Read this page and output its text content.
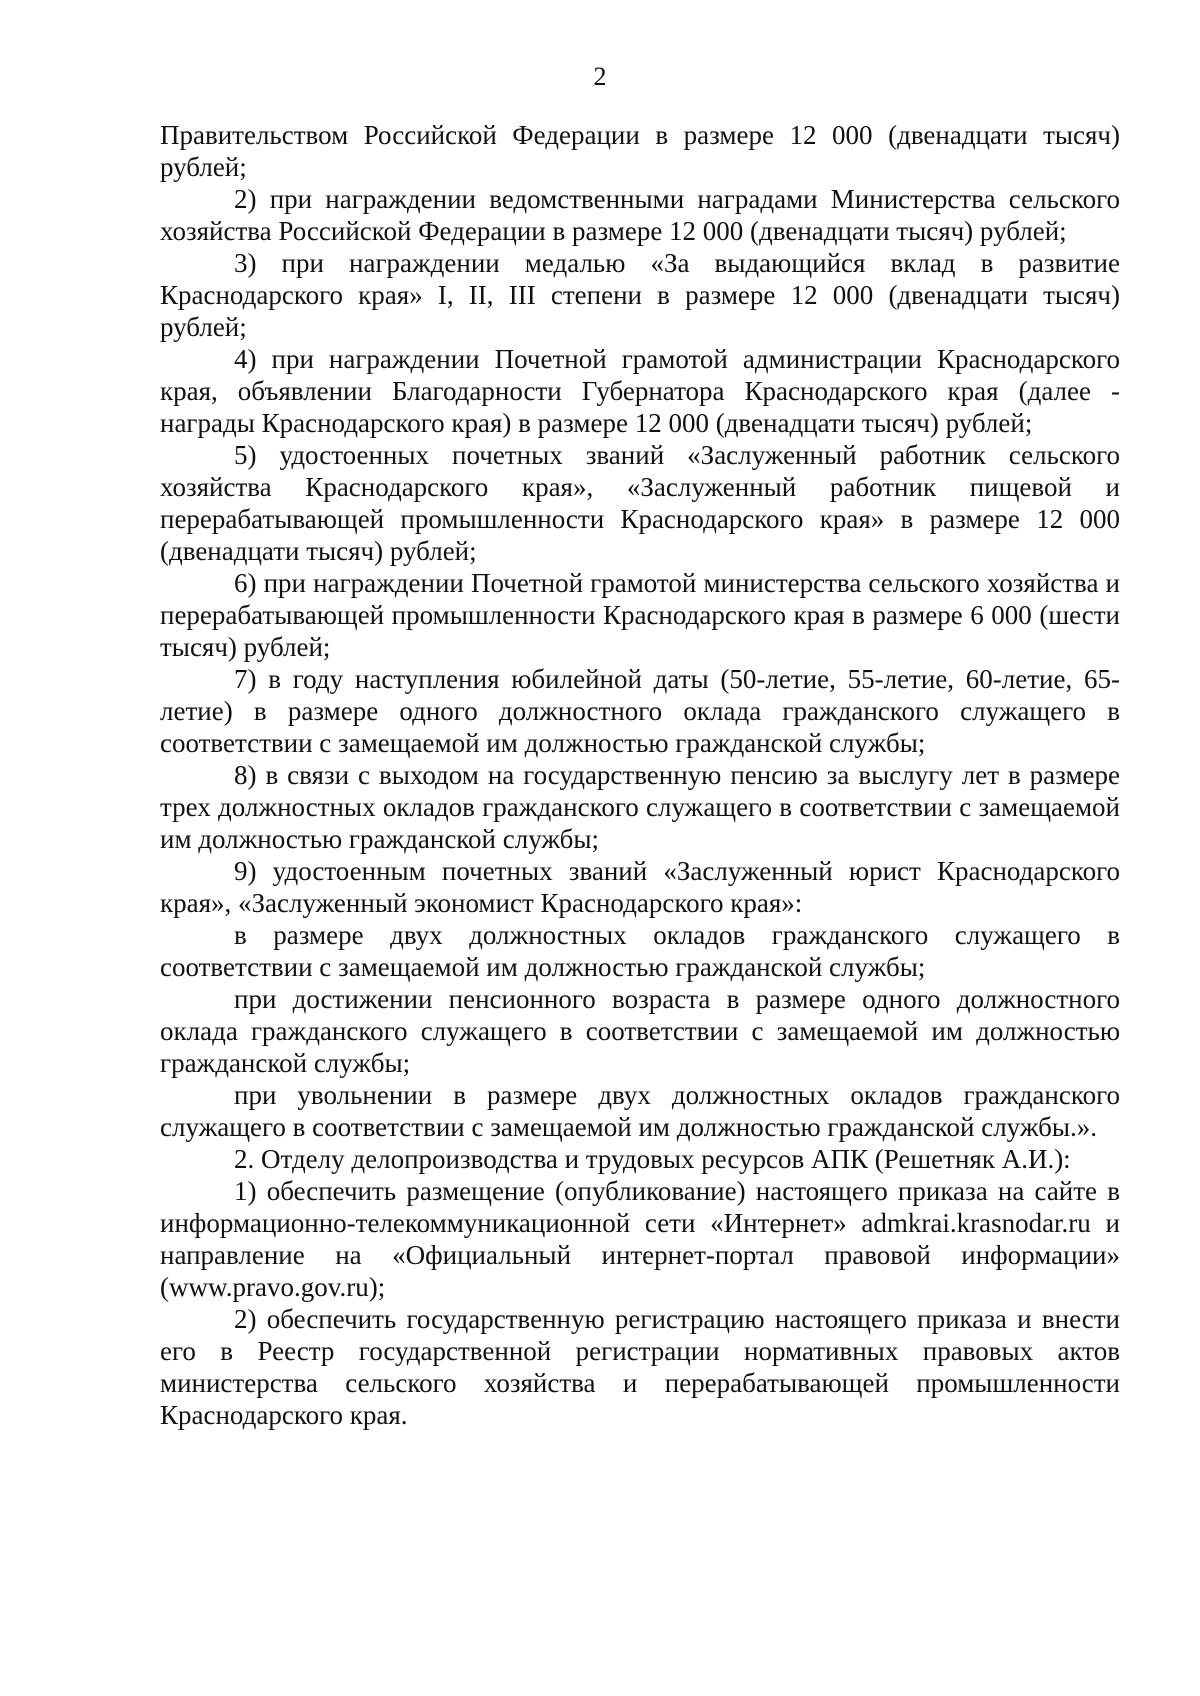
2

Правительством Российской Федерации в размере 12 000 (двенадцати тысяч) рублей;

2) при награждении ведомственными наградами Министерства сельского хозяйства Российской Федерации в размере 12 000 (двенадцати тысяч) рублей;

3) при награждении медалью «За выдающийся вклад в развитие Краснодарского края» I, II, III степени в размере 12 000 (двенадцати тысяч) рублей;

4) при награждении Почетной грамотой администрации Краснодарского края, объявлении Благодарности Губернатора Краснодарского края (далее - награды Краснодарского края) в размере 12 000 (двенадцати тысяч) рублей;

5) удостоенных почетных званий «Заслуженный работник сельского хозяйства Краснодарского края», «Заслуженный работник пищевой и перерабатывающей промышленности Краснодарского края» в размере 12 000 (двенадцати тысяч) рублей;

6) при награждении Почетной грамотой министерства сельского хозяйства и перерабатывающей промышленности Краснодарского края в размере 6 000 (шести тысяч) рублей;

7) в году наступления юбилейной даты (50-летие, 55-летие, 60-летие, 65-летие) в размере одного должностного оклада гражданского служащего в соответствии с замещаемой им должностью гражданской службы;

8) в связи с выходом на государственную пенсию за выслугу лет в размере трех должностных окладов гражданского служащего в соответствии с замещаемой им должностью гражданской службы;

9) удостоенным почетных званий «Заслуженный юрист Краснодарского края», «Заслуженный экономист Краснодарского края»:

в размере двух должностных окладов гражданского служащего в соответствии с замещаемой им должностью гражданской службы;

при достижении пенсионного возраста в размере одного должностного оклада гражданского служащего в соответствии с замещаемой им должностью гражданской службы;

при увольнении в размере двух должностных окладов гражданского служащего в соответствии с замещаемой им должностью гражданской службы.».

2. Отделу делопроизводства и трудовых ресурсов АПК (Решетняк А.И.):

1) обеспечить размещение (опубликование) настоящего приказа на сайте в информационно-телекоммуникационной сети «Интернет» admkrai.krasnodar.ru и направление на «Официальный интернет-портал правовой информации» (www.pravo.gov.ru);

2) обеспечить государственную регистрацию настоящего приказа и внести его в Реестр государственной регистрации нормативных правовых актов министерства сельского хозяйства и перерабатывающей промышленности Краснодарского края.
